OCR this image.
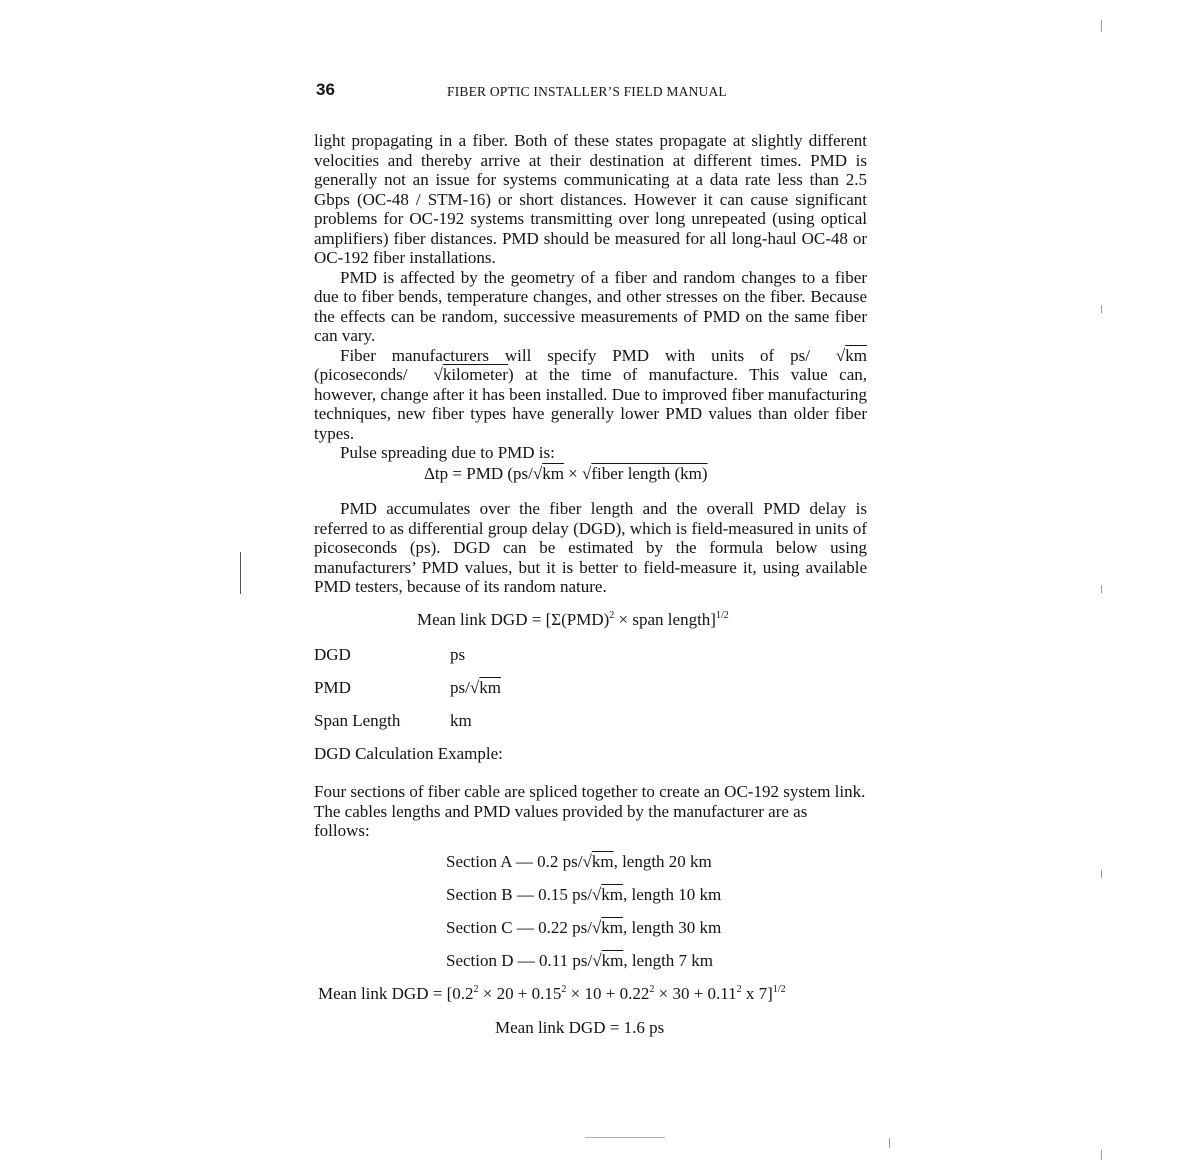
36	FIBER OPTIC INSTALLER’S FIELD MANUAL

light propagating in a fiber. Both of these states propagate at slightly different velocities and thereby arrive at their destination at different times. PMD is generally not an issue for systems communicating at a data rate less than 2.5 Gbps (OC-48 / STM-16) or short distances. However it can cause significant problems for OC-192 systems transmitting over long unrepeated (using optical amplifiers) fiber distances. PMD should be measured for all long-haul OC-48 or OC-192 fiber installations.

PMD is affected by the geometry of a fiber and random changes to a fiber due to fiber bends, temperature changes, and other stresses on the fiber. Because the effects can be random, successive measurements of PMD on the same fiber can vary.

Fiber manufacturers will specify PMD with units of ps/ √km (picoseconds/ √kilometer) at the time of manufacture. This value can, however, change after it has been installed. Due to improved fiber manufacturing techniques, new fiber types have generally lower PMD values than older fiber types.

Pulse spreading due to PMD is:

Δtp = PMD (ps/√km × √fiber length (km)

PMD accumulates over the fiber length and the overall PMD delay is referred to as differential group delay (DGD), which is field-measured in units of picoseconds (ps). DGD can be estimated by the formula below using manufacturers’ PMD values, but it is better to field-measure it, using available PMD testers, because of its random nature.

Mean link DGD = [Σ(PMD)$^2$ × span length]$^{1/2}$
DGD	ps
PMD	ps/√km
Span Length	km
DGD Calculation Example:

Four sections of fiber cable are spliced together to create an OC-192 system link. The cables lengths and PMD values provided by the manufacturer are as follows:

Section A — 0.2 ps/√km, length 20 km
Section B — 0.15 ps/√km, length 10 km
Section C — 0.22 ps/√km, length 30 km
Section D — 0.11 ps/√km, length 7 km
Mean link DGD = [$0.2^2 \times 20 + 0.15^2 \times 10 + 0.22^2 \times 30 + 0.11^2$ x 7]$^{1/2}$
Mean link DGD = 1.6 ps
